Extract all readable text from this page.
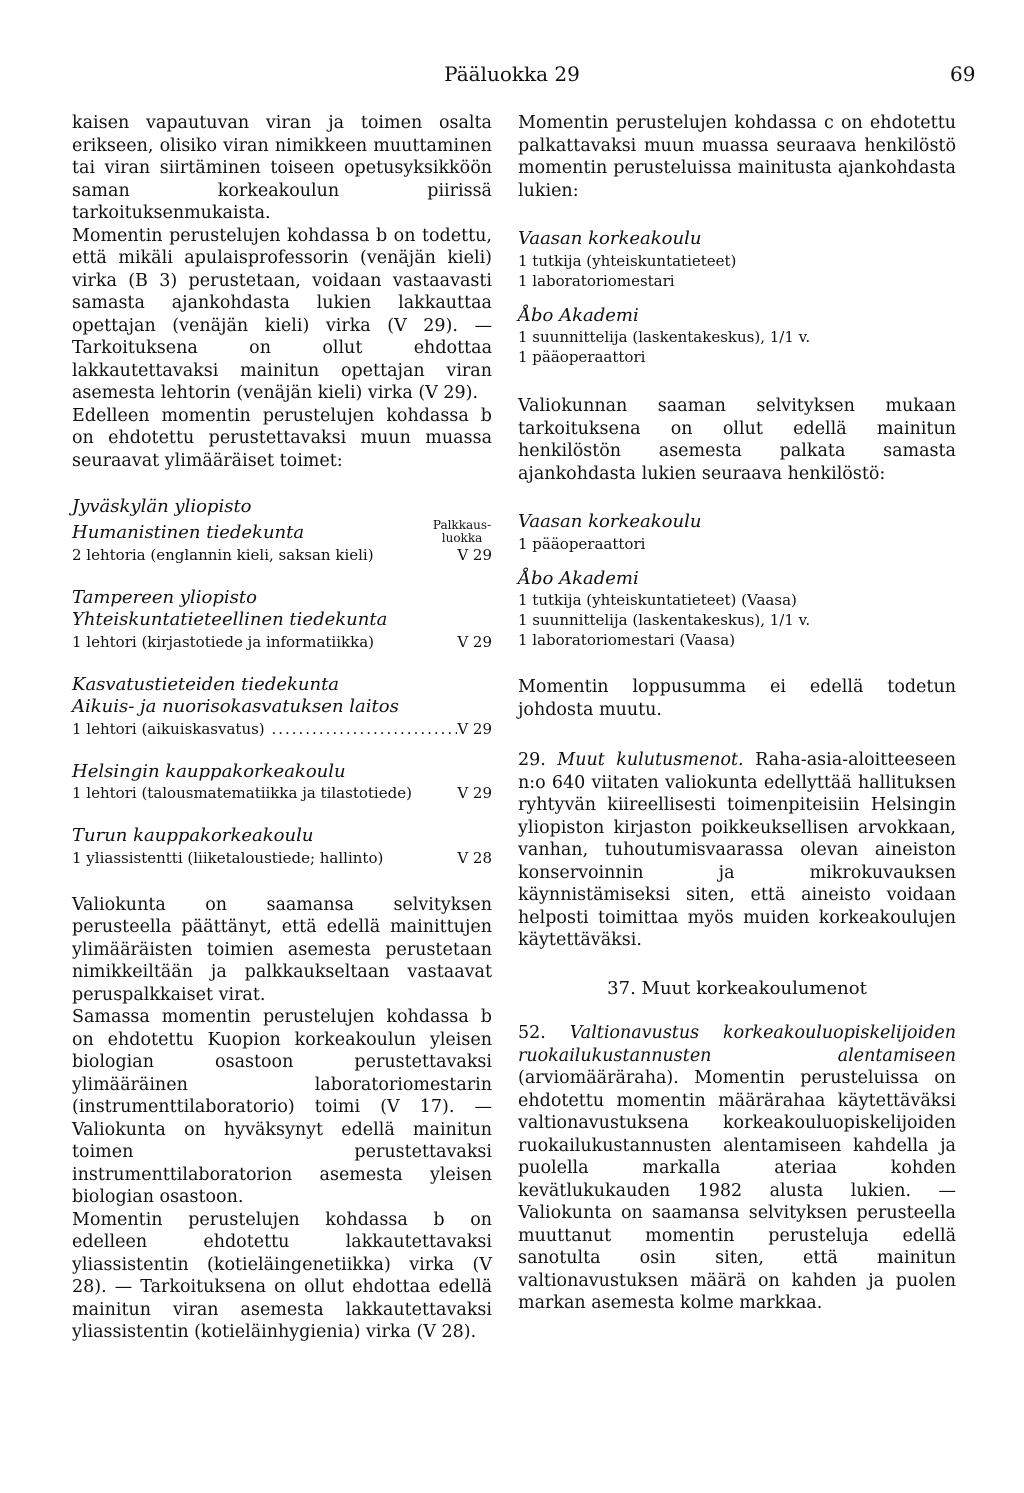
Pääluokka 29	69

kaisen vapautuvan viran ja toimen osalta erikseen, olisiko viran nimikkeen muuttaminen tai viran siirtäminen toiseen opetusyksikköön saman korkeakoulun piirissä tarkoituksenmukaista.

Momentin perustelujen kohdassa b on todettu, että mikäli apulaisprofessorin (venäjän kieli) virka (B 3) perustetaan, voidaan vastaavasti samasta ajankohdasta lukien lakkauttaa opettajan (venäjän kieli) virka (V 29). — Tarkoituksena on ollut ehdottaa lakkautettavaksi mainitun opettajan viran asemesta lehtorin (venäjän kieli) virka (V 29).

Edelleen momentin perustelujen kohdassa b on ehdotettu perustettavaksi muun muassa seuraavat ylimääräiset toimet:

Jyväskylän yliopisto
Humanistinen tiedekunta	Palkkaus-luokka
2 lehtoria (englannin kieli, saksan kieli)	V 29
Tampereen yliopisto
Yhteiskuntatieteellinen tiedekunta
1 lehtori (kirjastotiede ja informatiikka)	V 29
Kasvatustieteiden tiedekunta
Aikuis- ja nuorisokasvatuksen laitos
1 lehtori (aikuiskasvatus) .....	V 29
Helsingin kauppakorkeakoulu
1 lehtori (talousmatematiikka ja tilastotiede)	V 29
Turun kauppakorkeakoulu
1 yliassistentti (liiketaloustiede; hallinto)	V 28

Valiokunta on saamansa selvityksen perusteella päättänyt, että edellä mainittujen ylimääräisten toimien asemesta perustetaan nimikkeiltään ja palkkaukseltaan vastaavat peruspalkkaiset virat.

Samassa momentin perustelujen kohdassa b on ehdotettu Kuopion korkeakoulun yleisen biologian osastoon perustettavaksi ylimääräinen laboratoriomestarin (instrumenttilaboratorio) toimi (V 17). — Valiokunta on hyväksynyt edellä mainitun toimen perustettavaksi instrumenttilaboratorion asemesta yleisen biologian osastoon.

Momentin perustelujen kohdassa b on edelleen ehdotettu lakkautettavaksi yliassistentin (kotieläingenetiikka) virka (V 28). — Tarkoituksena on ollut ehdottaa edellä mainitun viran asemesta lakkautettavaksi yliassistentin (kotieläinhygienia) virka (V 28).

Momentin perustelujen kohdassa c on ehdotettu palkattavaksi muun muassa seuraava henkilöstö momentin perusteluissa mainitusta ajankohdasta lukien:

Vaasan korkeakoulu
1 tutkija (yhteiskuntatieteet)
1 laboratoriomestari
Åbo Akademi
1 suunnittelija (laskentakeskus), 1/1 v.
1 pääoperaattori

Valiokunnan saaman selvityksen mukaan tarkoituksena on ollut edellä mainitun henkilöstön asemesta palkata samasta ajankohdasta lukien seuraava henkilöstö:

Vaasan korkeakoulu
1 pääoperaattori
Åbo Akademi
1 tutkija (yhteiskuntatieteet) (Vaasa)
1 suunnittelija (laskentakeskus), 1/1 v.
1 laboratoriomestari (Vaasa)

Momentin loppusumma ei edellä todetun johdosta muutu.

29. Muut kulutusmenot. Raha-asia-aloitteeseen n:o 640 viitaten valiokunta edellyttää hallituksen ryhtyvän kiireellisesti toimenpiteisiin Helsingin yliopiston kirjaston poikkeuksellisen arvokkaan, vanhan, tuhoutumisvaarassa olevan aineiston konservoinnin ja mikrokuvauksen käynnistämiseksi siten, että aineisto voidaan helposti toimittaa myös muiden korkeakoulujen käytettäväksi.

37. Muut korkeakoulumenot

52. Valtionavustus korkeakouluopiskelijoiden ruokailukustannusten alentamiseen (arviomääräraha). Momentin perusteluissa on ehdotettu momentin määrärahaa käytettäväksi valtionavustuksena korkeakouluopiskelijoiden ruokailukustannusten alentamiseen kahdella ja puolella markalla ateriaa kohden kevätlukukauden 1982 alusta lukien. — Valiokunta on saamansa selvityksen perusteella muuttanut momentin perusteluja edellä sanotulta osin siten, että mainitun valtionavustuksen määrä on kahden ja puolen markan asemesta kolme markkaa.
